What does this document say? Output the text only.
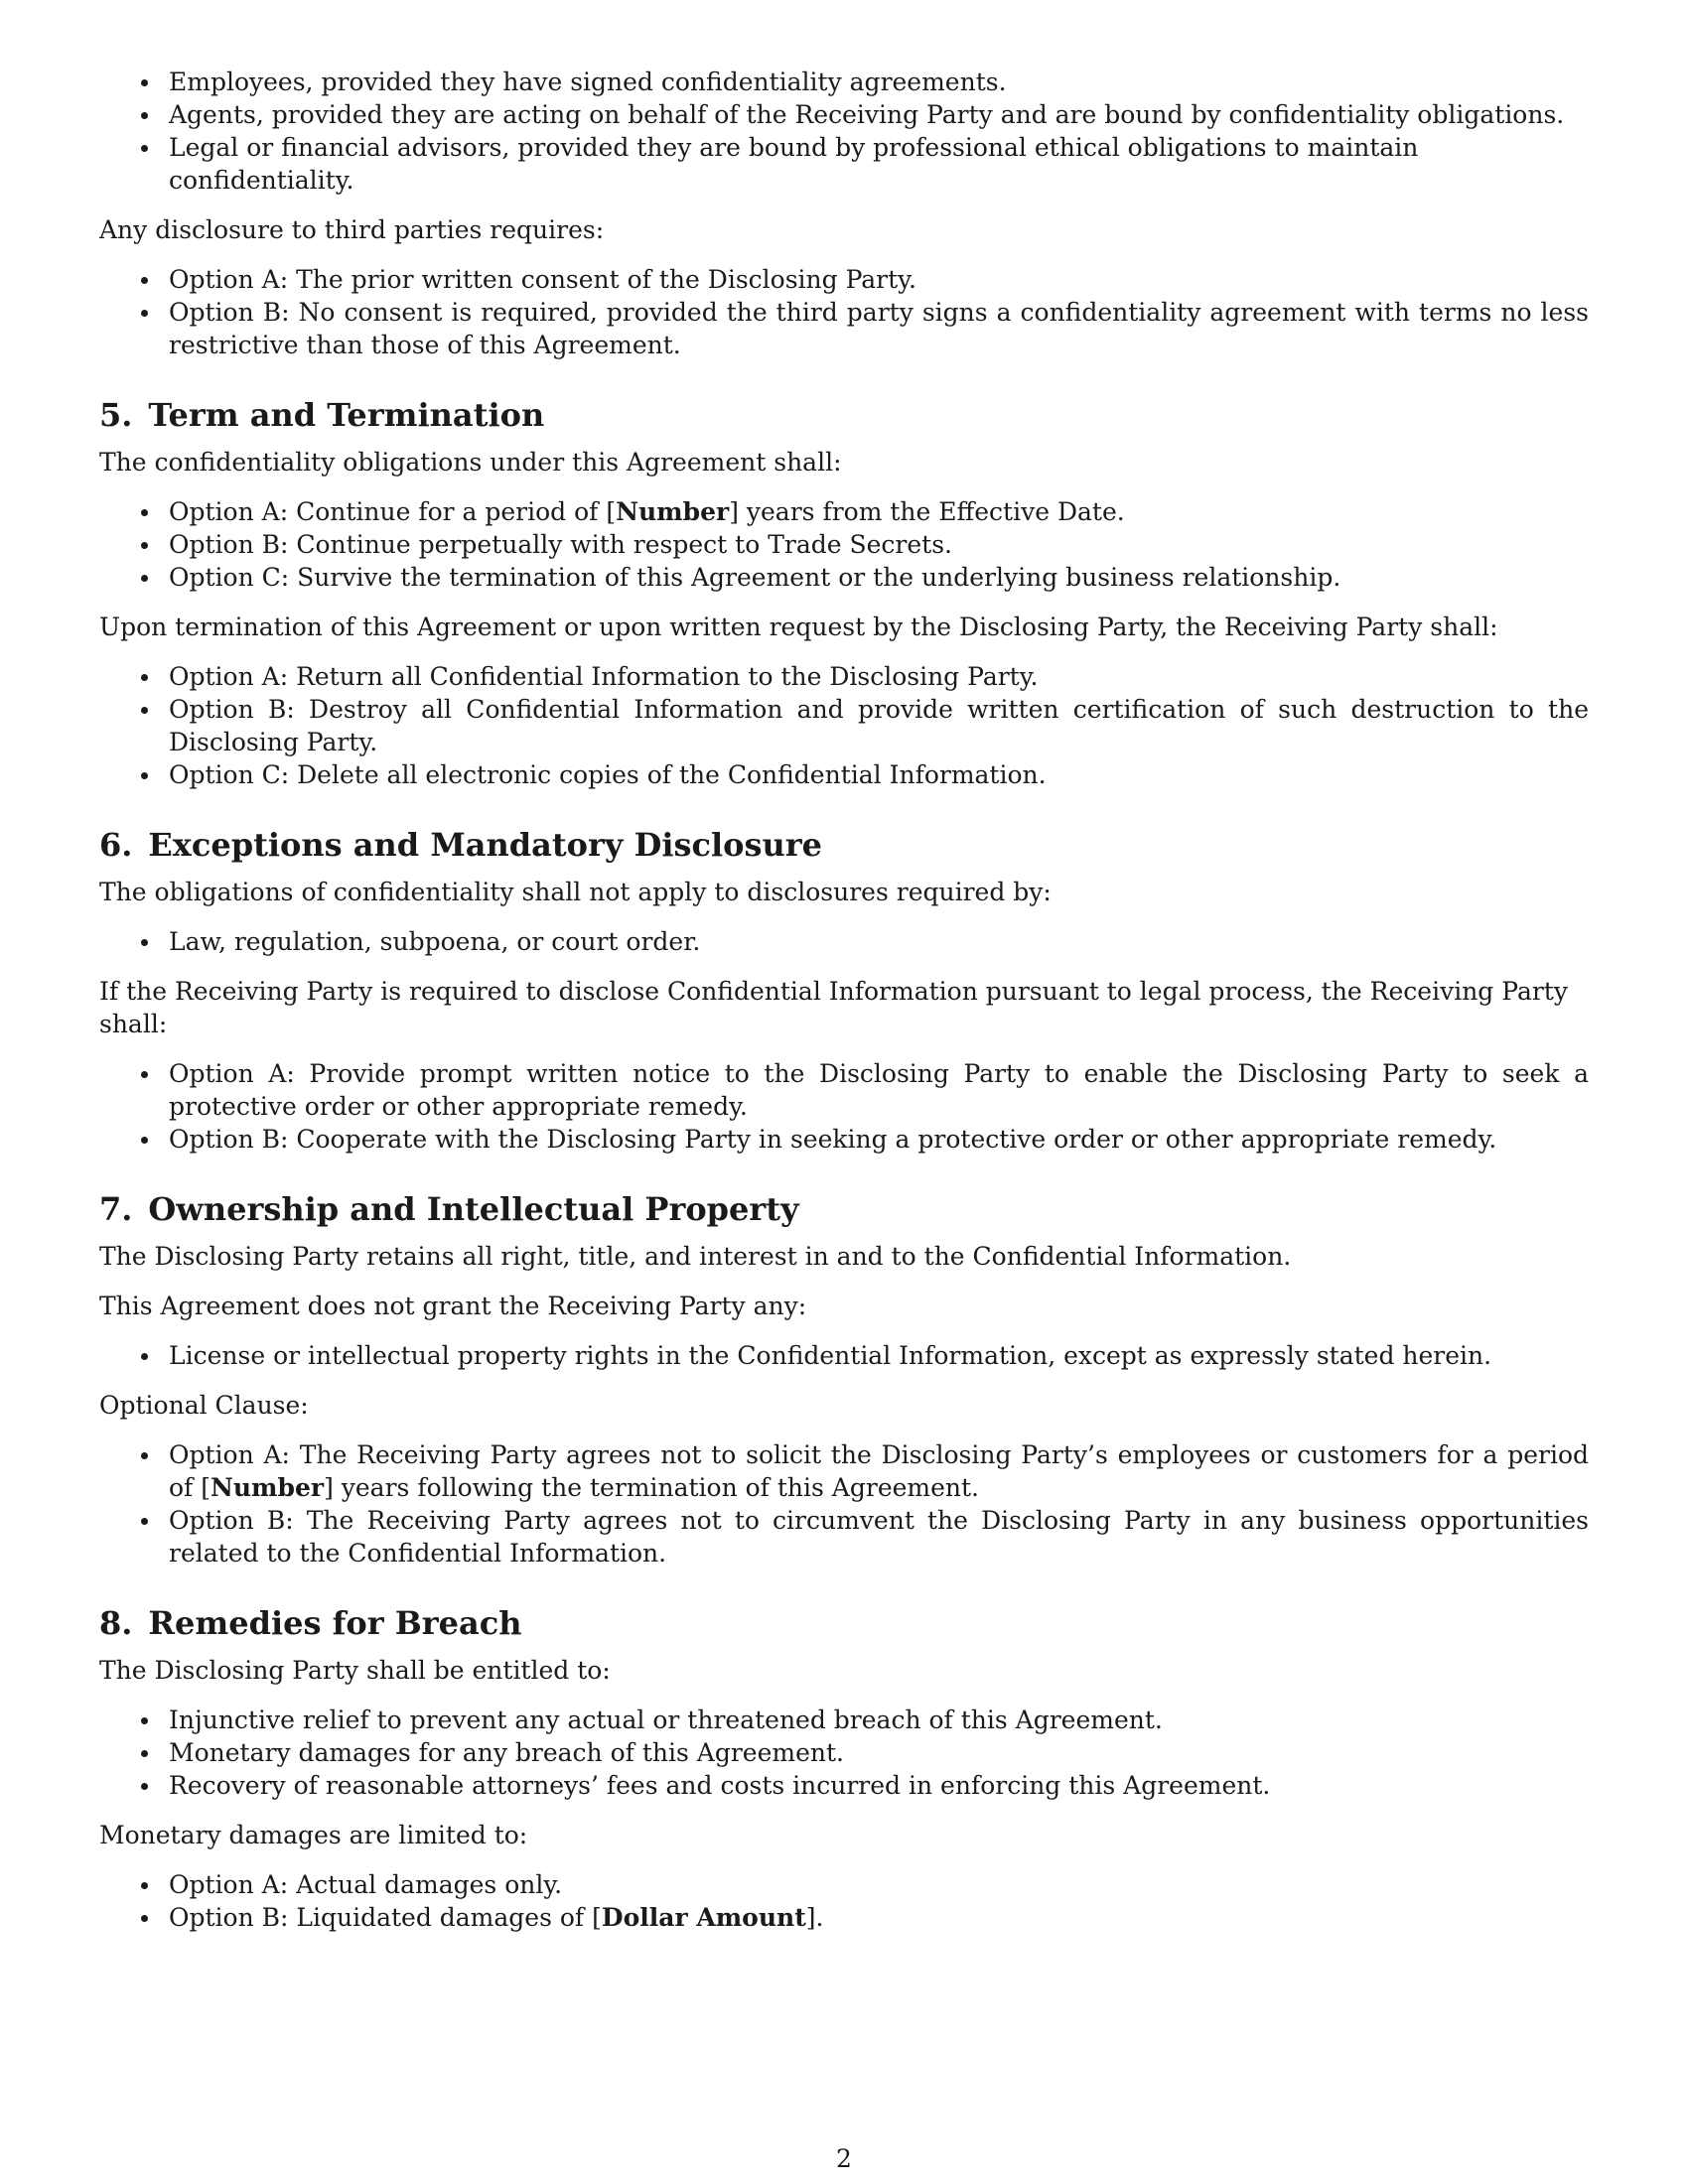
Employees, provided they have signed confidentiality agreements.
Agents, provided they are acting on behalf of the Receiving Party and are bound by confidentiality obligations.
Legal or financial advisors, provided they are bound by professional ethical obligations to maintain confidentiality.

Any disclosure to third parties requires:

Option A: The prior written consent of the Disclosing Party.
Option B: No consent is required, provided the third party signs a confidentiality agreement with terms no less restrictive than those of this Agreement.
5. Term and Termination

The confidentiality obligations under this Agreement shall:

Option A: Continue for a period of [Number] years from the Effective Date.
Option B: Continue perpetually with respect to Trade Secrets.
Option C: Survive the termination of this Agreement or the underlying business relationship.

Upon termination of this Agreement or upon written request by the Disclosing Party, the Receiving Party shall:

Option A: Return all Confidential Information to the Disclosing Party.
Option B: Destroy all Confidential Information and provide written certification of such destruction to the Disclosing Party.
Option C: Delete all electronic copies of the Confidential Information.
6. Exceptions and Mandatory Disclosure

The obligations of confidentiality shall not apply to disclosures required by:

Law, regulation, subpoena, or court order.

If the Receiving Party is required to disclose Confidential Information pursuant to legal process, the Receiving Party shall:

Option A: Provide prompt written notice to the Disclosing Party to enable the Disclosing Party to seek a protective order or other appropriate remedy.
Option B: Cooperate with the Disclosing Party in seeking a protective order or other appropriate remedy.
7. Ownership and Intellectual Property

The Disclosing Party retains all right, title, and interest in and to the Confidential Information.

This Agreement does not grant the Receiving Party any:

License or intellectual property rights in the Confidential Information, except as expressly stated herein.

Optional Clause:

Option A: The Receiving Party agrees not to solicit the Disclosing Party’s employees or customers for a period of [Number] years following the termination of this Agreement.
Option B: The Receiving Party agrees not to circumvent the Disclosing Party in any business opportunities related to the Confidential Information.
8. Remedies for Breach

The Disclosing Party shall be entitled to:

Injunctive relief to prevent any actual or threatened breach of this Agreement.
Monetary damages for any breach of this Agreement.
Recovery of reasonable attorneys’ fees and costs incurred in enforcing this Agreement.

Monetary damages are limited to:

Option A: Actual damages only.
Option B: Liquidated damages of [Dollar Amount].
2
